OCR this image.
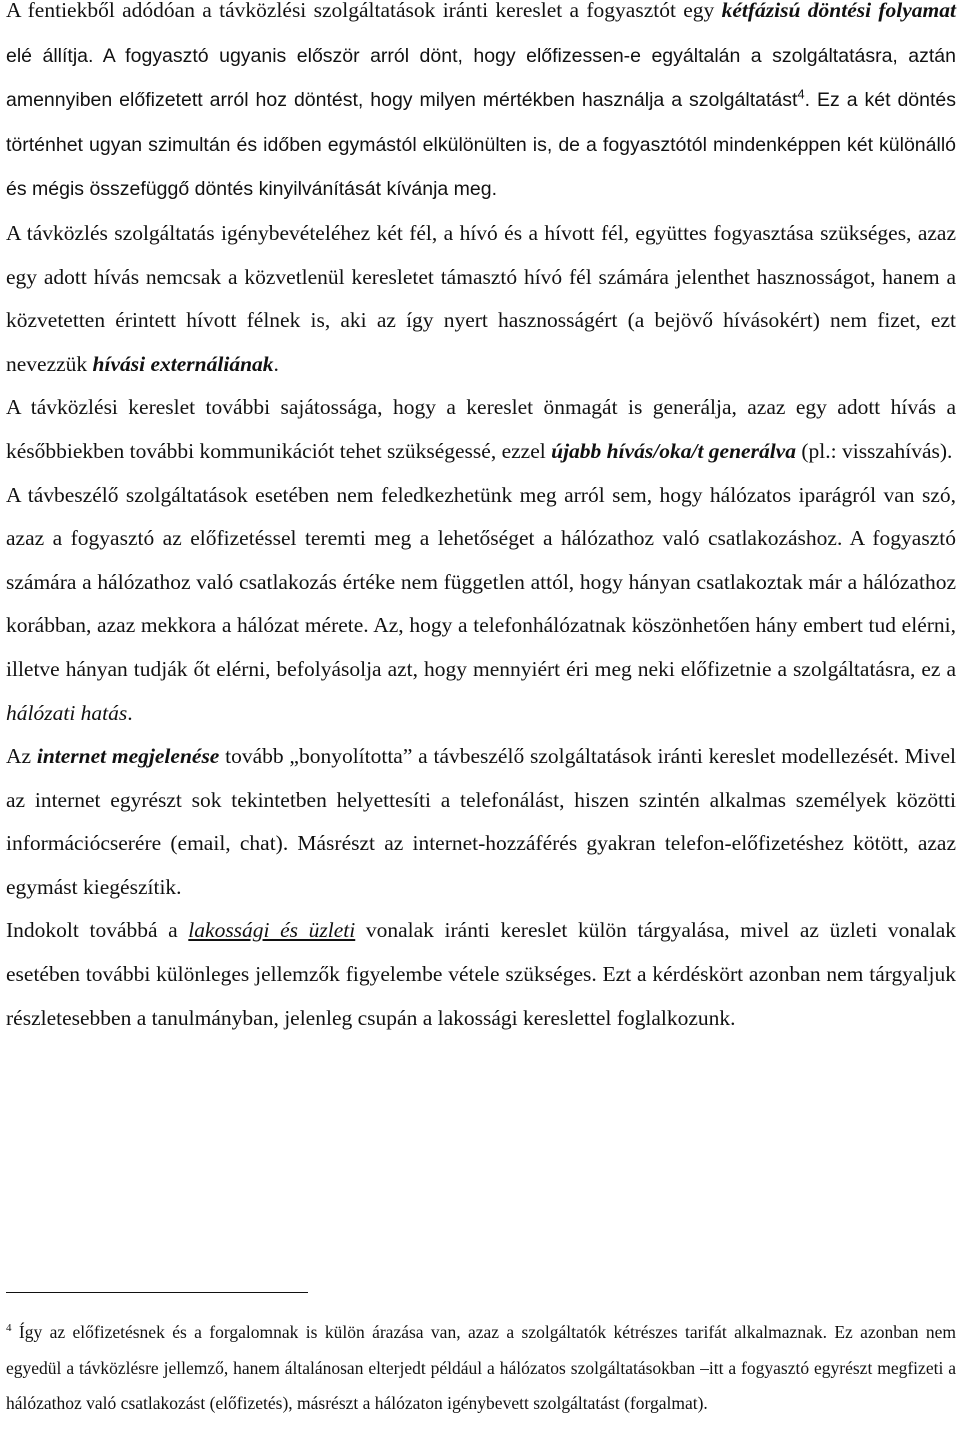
A fentiekből adódóan a távközlési szolgáltatások iránti kereslet a fogyasztót egy kétfázisú döntési folyamat elé állítja. A fogyasztó ugyanis először arról dönt, hogy előfizessen-e egyáltalán a szolgáltatásra, aztán amennyiben előfizetett arról hoz döntést, hogy milyen mértékben használja a szolgáltatást$^4$. Ez a két döntés történhet ugyan szimultán és időben egymástól elkülönülten is, de a fogyasztótól mindenképpen két különálló és mégis összefüggő döntés kinyilvánítását kívánja meg.

A távközlés szolgáltatás igénybevételéhez két fél, a hívó és a hívott fél, együttes fogyasztása szükséges, azaz egy adott hívás nemcsak a közvetlenül keresletet támasztó hívó fél számára jelenthet hasznosságot, hanem a közvetetten érintett hívott félnek is, aki az így nyert hasznosságért (a bejövő hívásokért) nem fizet, ezt nevezzük hívási externáliának.

A távközlési kereslet további sajátossága, hogy a kereslet önmagát is generálja, azaz egy adott hívás a későbbiekben további kommunikációt tehet szükségessé, ezzel újabb hívás/oka/t generálva (pl.: visszahívás).

A távbeszélő szolgáltatások esetében nem feledkezhetünk meg arról sem, hogy hálózatos iparágról van szó, azaz a fogyasztó az előfizetéssel teremti meg a lehetőséget a hálózathoz való csatlakozáshoz. A fogyasztó számára a hálózathoz való csatlakozás értéke nem független attól, hogy hányan csatlakoztak már a hálózathoz korábban, azaz mekkora a hálózat mérete. Az, hogy a telefonhálózatnak köszönhetően hány embert tud elérni, illetve hányan tudják őt elérni, befolyásolja azt, hogy mennyiért éri meg neki előfizetnie a szolgáltatásra, ez a hálózati hatás.

Az internet megjelenése tovább „bonyolította” a távbeszélő szolgáltatások iránti kereslet modellezését. Mivel az internet egyrészt sok tekintetben helyettesíti a telefonálást, hiszen szintén alkalmas személyek közötti információcserére (email, chat). Másrészt az internet-hozzáférés gyakran telefon-előfizetéshez kötött, azaz egymást kiegészítik.

Indokolt továbbá a lakossági és üzleti vonalak iránti kereslet külön tárgyalása, mivel az üzleti vonalak esetében további különleges jellemzők figyelembe vétele szükséges. Ezt a kérdéskört azonban nem tárgyaljuk részletesebben a tanulmányban, jelenleg csupán a lakossági kereslettel foglalkozunk.

$^4$ Így az előfizetésnek és a forgalomnak is külön árazása van, azaz a szolgáltatók kétrészes tarifát alkalmaznak. Ez azonban nem egyedül a távközlésre jellemző, hanem általánosan elterjedt például a hálózatos szolgáltatásokban –itt a fogyasztó egyrészt megfizeti a hálózathoz való csatlakozást (előfizetés), másrészt a hálózaton igénybevett szolgáltatást (forgalmat).
